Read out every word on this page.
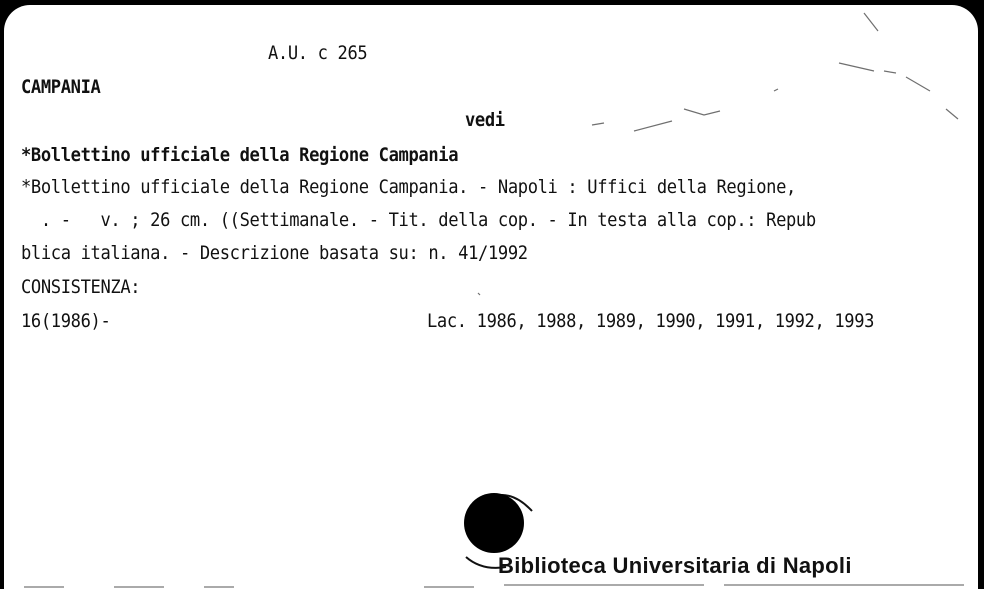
A.U. c 265
CAMPANIA
vedi
*Bollettino ufficiale della Regione Campania
*Bollettino ufficiale della Regione Campania. - Napoli : Uffici della Regione,
. -   v. ; 26 cm. ((Settimanale. - Tit. della cop. - In testa alla cop.: Repub
blica italiana. - Descrizione basata su: n. 41/1992
CONSISTENZA:
16(1986)-	Lac. 1986, 1988, 1989, 1990, 1991, 1992, 1993
Biblioteca Universitaria di Napoli
